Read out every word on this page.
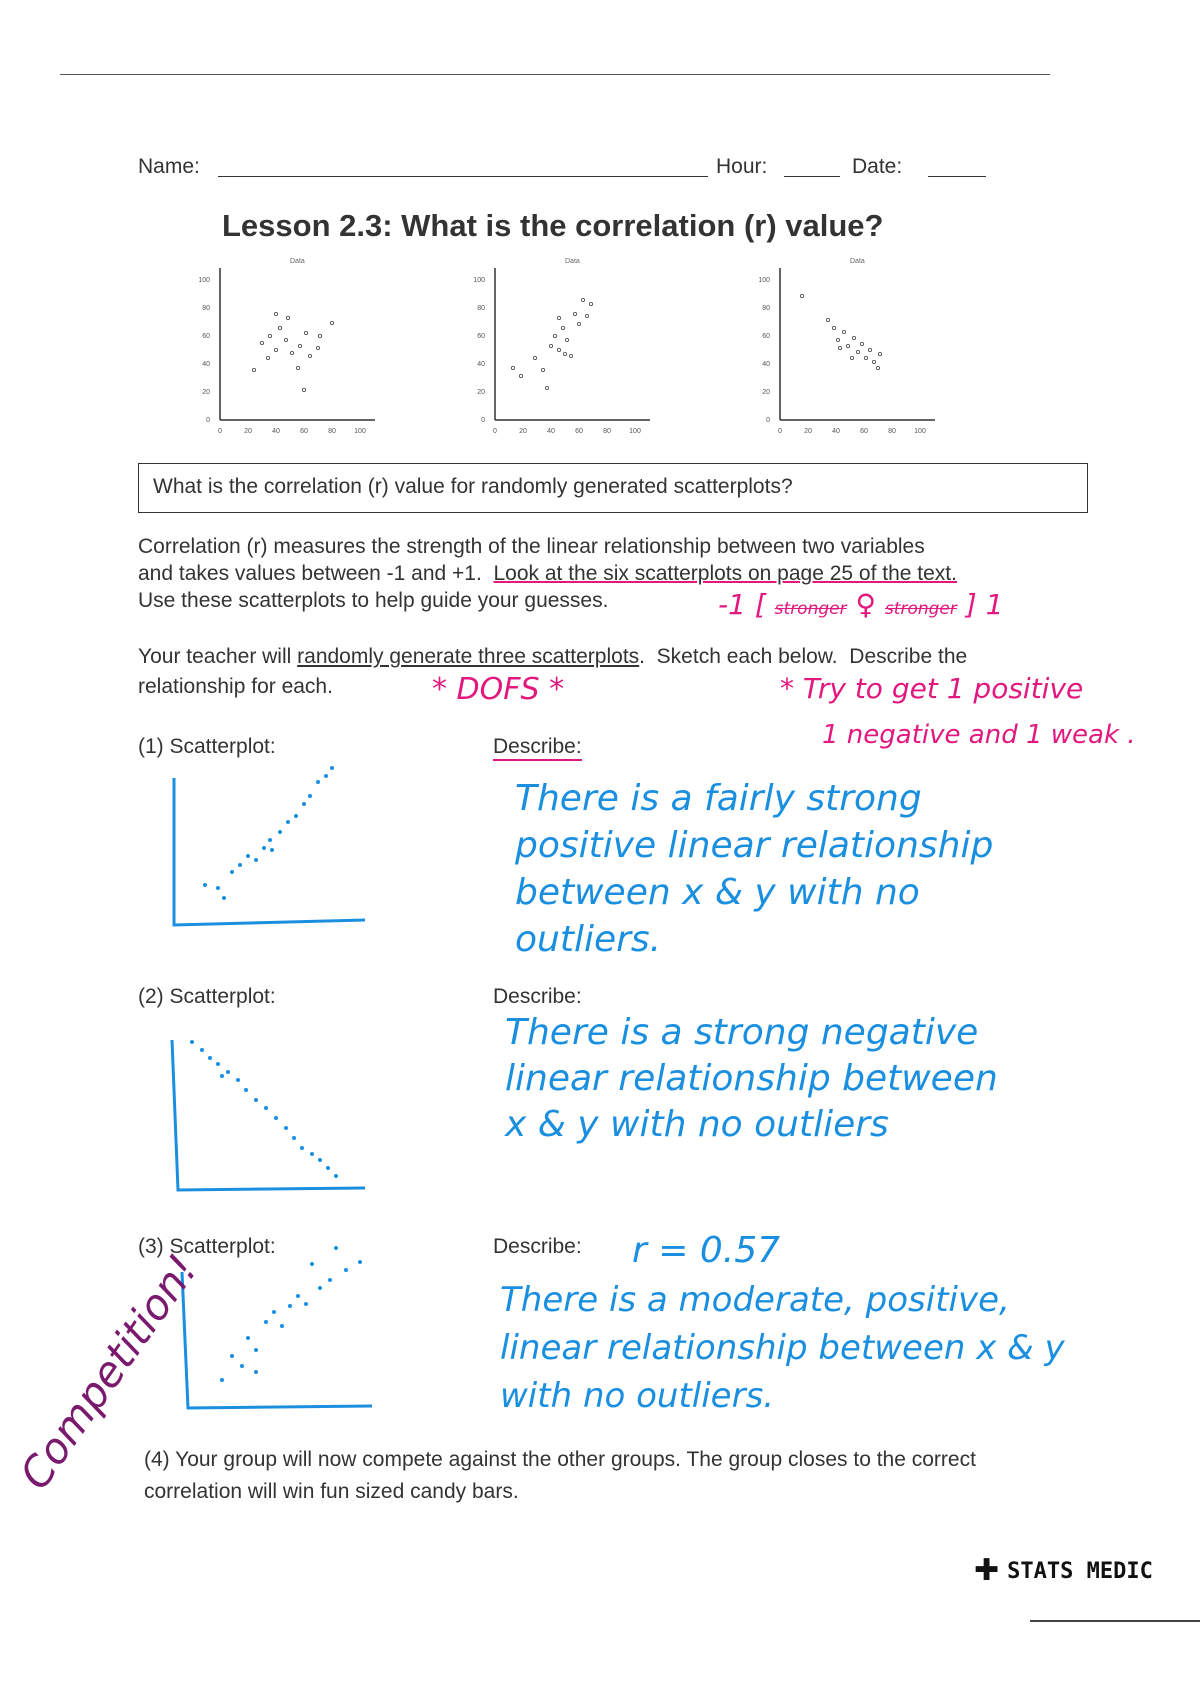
Name:	Hour:	Date:
Lesson 2.3: What is the correlation (r) value?
Data
0	20	40	60	80	100
0
20
40
60
80
100
Data
0	20	40	60	80	100
0
20
40
60
80
100
Data
0	20	40	60	80	100
0
20
40
60
80
100
What is the correlation (r) value for randomly generated scatterplots?
Correlation (r) measures the strength of the linear relationship between two variables
and takes values between -1 and +1.  Look at the six scatterplots on page 25 of the text.
Use these scatterplots to help guide your guesses.	-1 [ stronger ♀ stronger ] 1
Your teacher will randomly generate three scatterplots.  Sketch each below.  Describe the
relationship for each.	* DOFS *	* Try to get 1 positive
1 negative and 1 weak .
(1) Scatterplot:	Describe:
There is a fairly strong
positive linear relationship
between x & y with no
outliers.
(2) Scatterplot:	Describe:
There is a strong negative
linear relationship between
x & y with no outliers
(3) Scatterplot:	Describe: r = 0.57
There is a moderate, positive,
linear relationship between x & y
with no outliers.
Competition!
(4) Your group will now compete against the other groups. The group closes to the correct
correlation will win fun sized candy bars.
✚ STATS MEDIC
